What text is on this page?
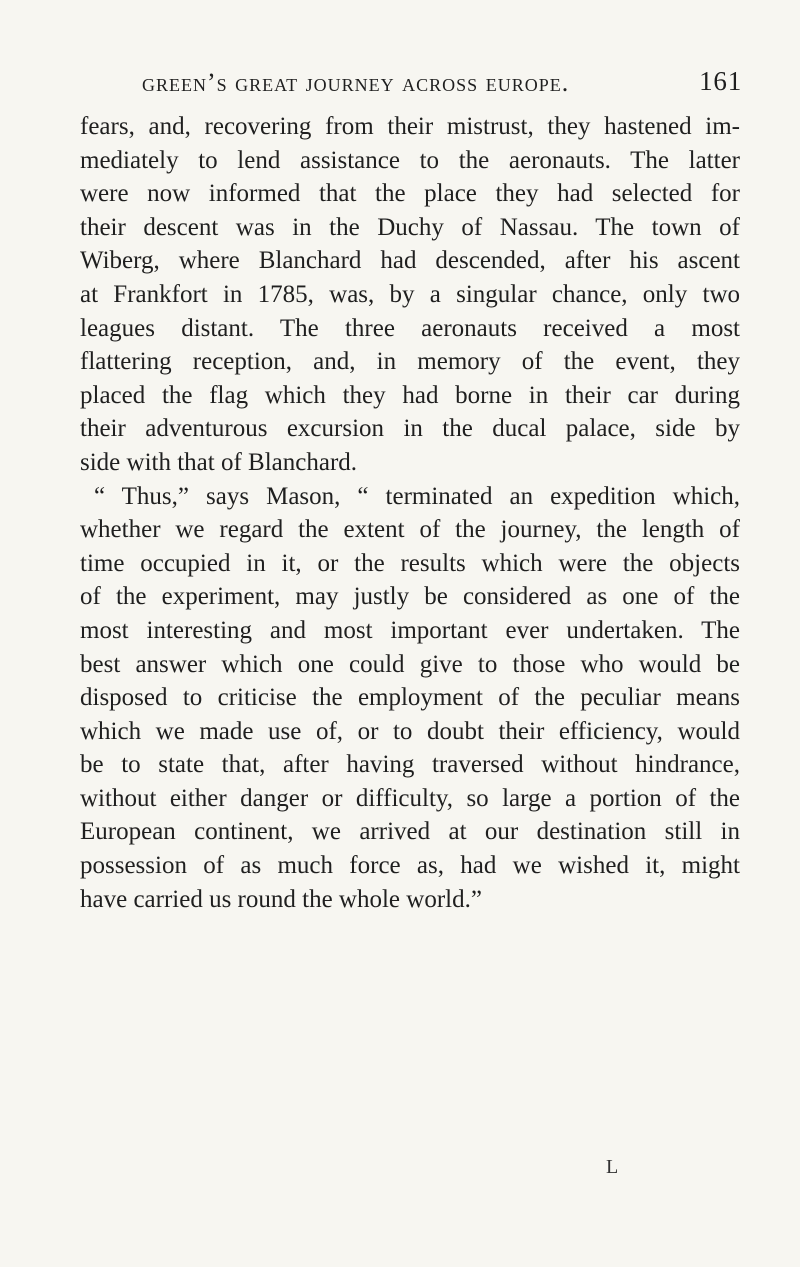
green’s great journey across europe.	161
fears, and, recovering from their mistrust, they hastened im-
mediately to lend assistance to the aeronauts. The latter
were now informed that the place they had selected for
their descent was in the Duchy of Nassau. The town of
Wiberg, where Blanchard had descended, after his ascent
at Frankfort in 1785, was, by a singular chance, only two
leagues distant. The three aeronauts received a most
flattering reception, and, in memory of the event, they
placed the flag which they had borne in their car during
their adventurous excursion in the ducal palace, side by
side with that of Blanchard.
“ Thus,” says Mason, “ terminated an expedition which,
whether we regard the extent of the journey, the length of
time occupied in it, or the results which were the objects
of the experiment, may justly be considered as one of the
most interesting and most important ever undertaken. The
best answer which one could give to those who would be
disposed to criticise the employment of the peculiar means
which we made use of, or to doubt their efficiency, would
be to state that, after having traversed without hindrance,
without either danger or difficulty, so large a portion of the
European continent, we arrived at our destination still in
possession of as much force as, had we wished it, might
have carried us round the whole world.”
L
